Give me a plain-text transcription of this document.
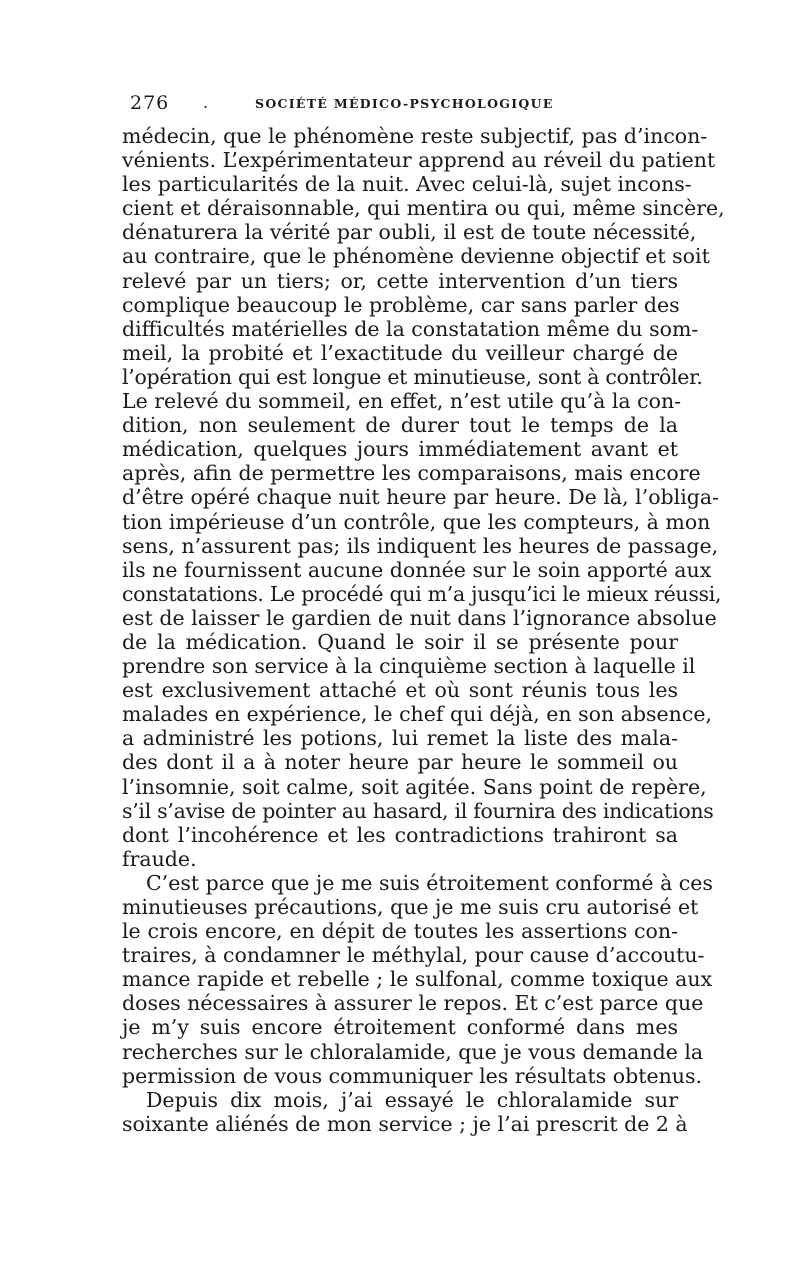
276 .	SOCIÉTÉ MÉDICO-PSYCHOLOGIQUE
médecin, que le phénomène reste subjectif, pas d’incon-
vénients. L’expérimentateur apprend au réveil du patient
les particularités de la nuit. Avec celui-là, sujet incons-
cient et déraisonnable, qui mentira ou qui, même sincère,
dénaturera la vérité par oubli, il est de toute nécessité,
au contraire, que le phénomène devienne objectif et soit
relevé par un tiers; or, cette intervention d’un tiers
complique beaucoup le problème, car sans parler des
difficultés matérielles de la constatation même du som-
meil, la probité et l’exactitude du veilleur chargé de
l’opération qui est longue et minutieuse, sont à contrôler.
Le relevé du sommeil, en effet, n’est utile qu’à la con-
dition, non seulement de durer tout le temps de la
médication, quelques jours immédiatement avant et
après, afin de permettre les comparaisons, mais encore
d’être opéré chaque nuit heure par heure. De là, l’obliga-
tion impérieuse d’un contrôle, que les compteurs, à mon
sens, n’assurent pas; ils indiquent les heures de passage,
ils ne fournissent aucune donnée sur le soin apporté aux
constatations. Le procédé qui m’a jusqu’ici le mieux réussi,
est de laisser le gardien de nuit dans l’ignorance absolue
de la médication. Quand le soir il se présente pour
prendre son service à la cinquième section à laquelle il
est exclusivement attaché et où sont réunis tous les
malades en expérience, le chef qui déjà, en son absence,
a administré les potions, lui remet la liste des mala-
des dont il a à noter heure par heure le sommeil ou
l’insomnie, soit calme, soit agitée. Sans point de repère,
s’il s’avise de pointer au hasard, il fournira des indications
dont l’incohérence et les contradictions trahiront sa
fraude.
C’est parce que je me suis étroitement conformé à ces
minutieuses précautions, que je me suis cru autorisé et
le crois encore, en dépit de toutes les assertions con-
traires, à condamner le méthylal, pour cause d’accoutu-
mance rapide et rebelle ; le sulfonal, comme toxique aux
doses nécessaires à assurer le repos. Et c’est parce que
je m’y suis encore étroitement conformé dans mes
recherches sur le chloralamide, que je vous demande la
permission de vous communiquer les résultats obtenus.
Depuis dix mois, j’ai essayé le chloralamide sur
soixante aliénés de mon service ; je l’ai prescrit de 2 à
